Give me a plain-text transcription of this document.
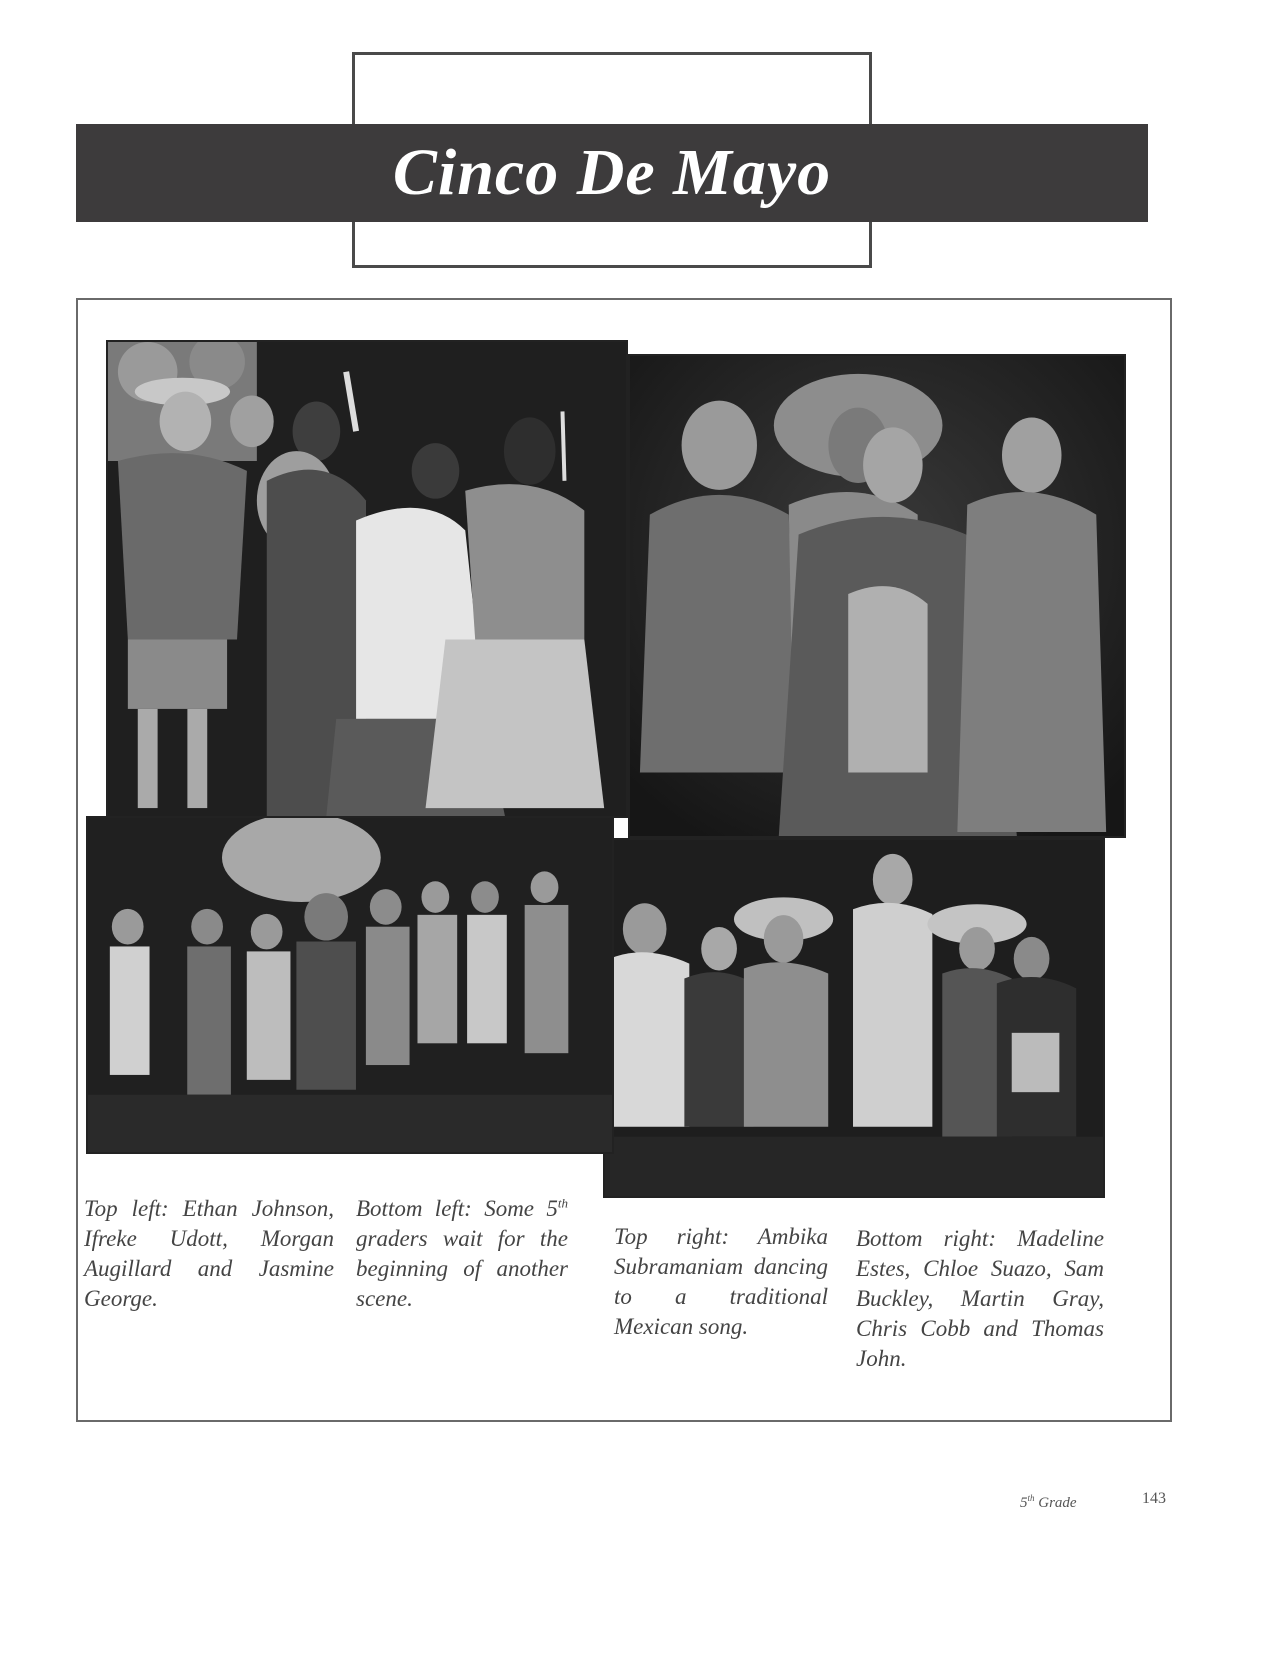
Cinco De Mayo
Top left: Ethan Johnson, Ifreke Udott, Morgan Augillard and Jasmine George.
Bottom left: Some 5th graders wait for the beginning of another scene.
Top right: Ambika Subramaniam dancing to a traditional Mexican song.
Bottom right: Madeline Estes, Chloe Suazo, Sam Buckley, Martin Gray, Chris Cobb and Thomas John.
5th Grade	143
